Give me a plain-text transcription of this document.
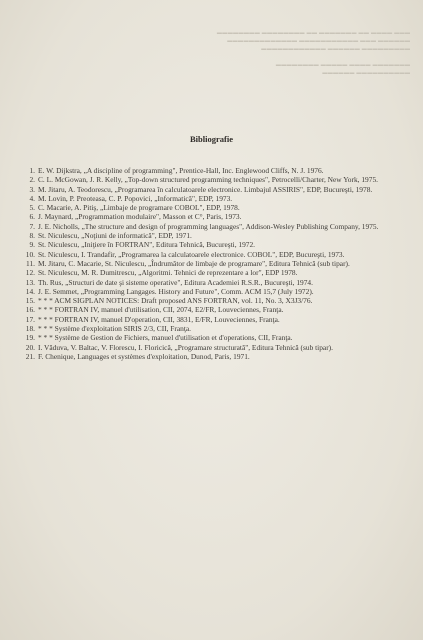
▬▬▬ ▬▬▬▬ ▬▬ ▬▬▬▬▬▬▬ ▬▬ ▬▬▬▬▬▬▬▬ ▬▬▬▬▬▬▬▬
▬▬▬▬▬▬ ▬▬▬ ▬▬▬▬▬▬▬▬▬▬▬ ▬▬▬▬▬▬▬▬▬▬▬▬▬
▬▬▬▬▬▬▬▬▬ ▬▬▬▬▬▬ ▬▬▬▬▬▬▬▬▬▬▬▬

▬▬▬▬▬▬▬ ▬▬▬▬ ▬▬▬▬▬ ▬▬▬▬▬▬▬▬
▬▬▬▬▬▬▬▬▬▬ ▬▬▬▬▬▬
Bibliografie
1. E. W. Dijkstra, „A discipline of programming", Prentice-Hall, Inc. Englewood Cliffs, N. J. 1976.
2. C. L. McGowan, J. R. Kelly, „Top-down structured programming techniques", Petrocelli/Charter, New York, 1975.
3. M. Jitaru, A. Teodorescu, „Programarea în calculatoarele electronice. Limbajul ASSIRIS", EDP, Bucureşti, 1978.
4. M. Lovin, P. Preoteasa, C. P. Popovici, „Informatică", EDP, 1973.
5. C. Macarie, A. Pitiş, „Limbaje de programare COBOL", EDP, 1978.
6. J. Maynard, „Programmation modulaire", Masson et C°, Paris, 1973.
7. J. E. Nicholls, „The structure and design of programming languages", Addison-Wesley Publishing Company, 1975.
8. St. Niculescu, „Noţiuni de informatică", EDP, 1971.
9. St. Niculescu, „Iniţiere în FORTRAN", Editura Tehnică, Bucureşti, 1972.
10. St. Niculescu, I. Trandafir, „Programarea la calculatoarele electronice. COBOL", EDP, Bucureşti, 1973.
11. M. Jitaru, C. Macarie, St. Niculescu, „Îndrumător de limbaje de programare", Editura Tehnică (sub tipar).
12. St. Niculescu, M. R. Dumitrescu, „Algoritmi. Tehnici de reprezentare a lor", EDP 1978.
13. Th. Rus, „Structuri de date şi sisteme operative", Editura Academiei R.S.R., Bucureşti, 1974.
14. J. E. Semmet, „Programming Langages. History and Future", Comm. ACM 15,7 (July 1972).
15. * * * ACM SIGPLAN NOTICES: Draft proposed ANS FORTRAN, vol. 11, No. 3, X3J3/76.
16. * * * FORTRAN IV, manuel d'utilisation, CII, 2074, E2/FR, Louveciennes, Franţa.
17. * * * FORTRAN IV, manuel D'operation, CII, 3831, E/FR, Louveciennes, Franţa.
18. * * * Système d'exploitation SIRIS 2/3, CII, Franţa.
19. * * * Système de Gestion de Fichiers, manuel d'utilisation et d'operations, CII, Franţa.
20. I. Văduva, V. Baltac, V. Florescu, I. Floricică, „Programare structurată", Editura Tehnică (sub tipar).
21. F. Chenique, Languages et systèmes d'exploitation, Dunod, Paris, 1971.
